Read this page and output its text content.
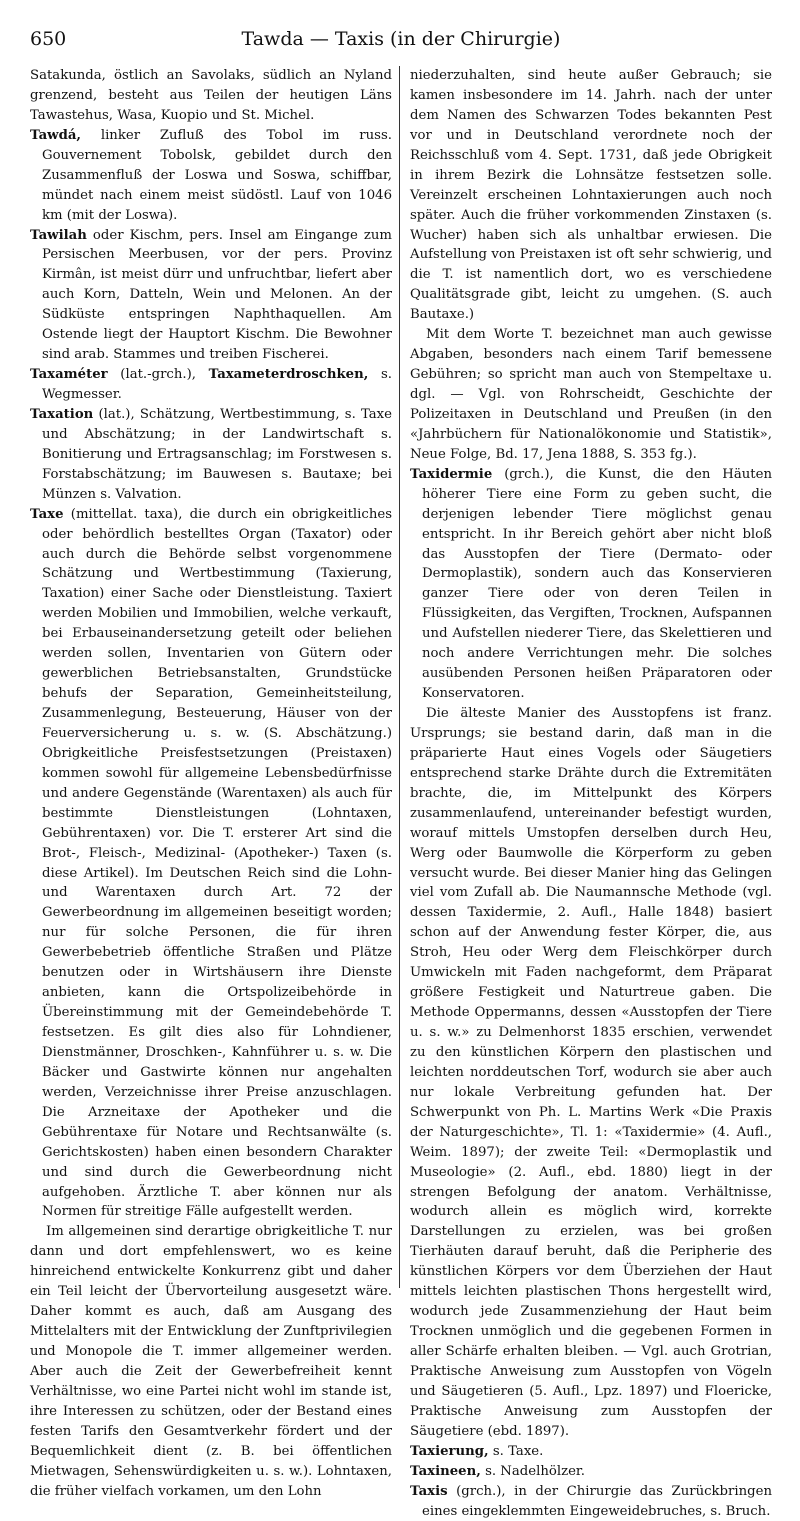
650	Tawda — Taxis (in der Chirurgie)

Satakunda, östlich an Savolaks, südlich an Nyland grenzend, besteht aus Teilen der heutigen Läns Tawastehus, Wasa, Kuopio und St. Michel.

Tawdá, linker Zufluß des Tobol im russ. Gouvernement Tobolsk, gebildet durch den Zusammenfluß der Loswa und Soswa, schiffbar, mündet nach einem meist südöstl. Lauf von 1046 km (mit der Loswa).

Tawilah oder Kischm, pers. Insel am Eingange zum Persischen Meerbusen, vor der pers. Provinz Kirmân, ist meist dürr und unfruchtbar, liefert aber auch Korn, Datteln, Wein und Melonen. An der Südküste entspringen Naphthaquellen. Am Ostende liegt der Hauptort Kischm. Die Bewohner sind arab. Stammes und treiben Fischerei.

Taxaméter (lat.-grch.), Taxameterdroschken, s. Wegmesser.

Taxation (lat.), Schätzung, Wertbestimmung, s. Taxe und Abschätzung; in der Landwirtschaft s. Bonitierung und Ertragsanschlag; im Forstwesen s. Forstabschätzung; im Bauwesen s. Bautaxe; bei Münzen s. Valvation.

Taxe (mittellat. taxa), die durch ein obrigkeitliches oder behördlich bestelltes Organ (Taxator) oder auch durch die Behörde selbst vorgenommene Schätzung und Wertbestimmung (Taxierung, Taxation) einer Sache oder Dienstleistung. Taxiert werden Mobilien und Immobilien, welche verkauft, bei Erbauseinandersetzung geteilt oder beliehen werden sollen, Inventarien von Gütern oder gewerblichen Betriebsanstalten, Grundstücke behufs der Separation, Gemeinheitsteilung, Zusammenlegung, Besteuerung, Häuser von der Feuerversicherung u. s. w. (S. Abschätzung.) Obrigkeitliche Preisfestsetzungen (Preistaxen) kommen sowohl für allgemeine Lebensbedürfnisse und andere Gegenstände (Warentaxen) als auch für bestimmte Dienstleistungen (Lohntaxen, Gebührentaxen) vor. Die T. ersterer Art sind die Brot-, Fleisch-, Medizinal- (Apotheker-) Taxen (s. diese Artikel). Im Deutschen Reich sind die Lohn- und Warentaxen durch Art. 72 der Gewerbeordnung im allgemeinen beseitigt worden; nur für solche Personen, die für ihren Gewerbebetrieb öffentliche Straßen und Plätze benutzen oder in Wirtshäusern ihre Dienste anbieten, kann die Ortspolizeibehörde in Übereinstimmung mit der Gemeindebehörde T. festsetzen. Es gilt dies also für Lohndiener, Dienstmänner, Droschken-, Kahnführer u. s. w. Die Bäcker und Gastwirte können nur angehalten werden, Verzeichnisse ihrer Preise anzuschlagen. Die Arzneitaxe der Apotheker und die Gebührentaxe für Notare und Rechtsanwälte (s. Gerichtskosten) haben einen besondern Charakter und sind durch die Gewerbeordnung nicht aufgehoben. Ärztliche T. aber können nur als Normen für streitige Fälle aufgestellt werden.

Im allgemeinen sind derartige obrigkeitliche T. nur dann und dort empfehlenswert, wo es keine hinreichend entwickelte Konkurrenz gibt und daher ein Teil leicht der Übervorteilung ausgesetzt wäre. Daher kommt es auch, daß am Ausgang des Mittelalters mit der Entwicklung der Zunftprivilegien und Monopole die T. immer allgemeiner werden. Aber auch die Zeit der Gewerbefreiheit kennt Verhältnisse, wo eine Partei nicht wohl im stande ist, ihre Interessen zu schützen, oder der Bestand eines festen Tarifs den Gesamtverkehr fördert und der Bequemlichkeit dient (z. B. bei öffentlichen Mietwagen, Sehenswürdigkeiten u. s. w.). Lohntaxen, die früher vielfach vorkamen, um den Lohn

niederzuhalten, sind heute außer Gebrauch; sie kamen insbesondere im 14. Jahrh. nach der unter dem Namen des Schwarzen Todes bekannten Pest vor und in Deutschland verordnete noch der Reichsschluß vom 4. Sept. 1731, daß jede Obrigkeit in ihrem Bezirk die Lohnsätze festsetzen solle. Vereinzelt erscheinen Lohntaxierungen auch noch später. Auch die früher vorkommenden Zinstaxen (s. Wucher) haben sich als unhaltbar erwiesen. Die Aufstellung von Preistaxen ist oft sehr schwierig, und die T. ist namentlich dort, wo es verschiedene Qualitätsgrade gibt, leicht zu umgehen. (S. auch Bautaxe.)

Mit dem Worte T. bezeichnet man auch gewisse Abgaben, besonders nach einem Tarif bemessene Gebühren; so spricht man auch von Stempeltaxe u. dgl. — Vgl. von Rohrscheidt, Geschichte der Polizeitaxen in Deutschland und Preußen (in den «Jahrbüchern für Nationalökonomie und Statistik», Neue Folge, Bd. 17, Jena 1888, S. 353 fg.).

Taxidermie (grch.), die Kunst, die den Häuten höherer Tiere eine Form zu geben sucht, die derjenigen lebender Tiere möglichst genau entspricht. In ihr Bereich gehört aber nicht bloß das Ausstopfen der Tiere (Dermato- oder Dermoplastik), sondern auch das Konservieren ganzer Tiere oder von deren Teilen in Flüssigkeiten, das Vergiften, Trocknen, Aufspannen und Aufstellen niederer Tiere, das Skelettieren und noch andere Verrichtungen mehr. Die solches ausübenden Personen heißen Präparatoren oder Konservatoren.

Die älteste Manier des Ausstopfens ist franz. Ursprungs; sie bestand darin, daß man in die präparierte Haut eines Vogels oder Säugetiers entsprechend starke Drähte durch die Extremitäten brachte, die, im Mittelpunkt des Körpers zusammenlaufend, untereinander befestigt wurden, worauf mittels Umstopfen derselben durch Heu, Werg oder Baumwolle die Körperform zu geben versucht wurde. Bei dieser Manier hing das Gelingen viel vom Zufall ab. Die Naumannsche Methode (vgl. dessen Taxidermie, 2. Aufl., Halle 1848) basiert schon auf der Anwendung fester Körper, die, aus Stroh, Heu oder Werg dem Fleischkörper durch Umwickeln mit Faden nachgeformt, dem Präparat größere Festigkeit und Naturtreue gaben. Die Methode Oppermanns, dessen «Ausstopfen der Tiere u. s. w.» zu Delmenhorst 1835 erschien, verwendet zu den künstlichen Körpern den plastischen und leichten norddeutschen Torf, wodurch sie aber auch nur lokale Verbreitung gefunden hat. Der Schwerpunkt von Ph. L. Martins Werk «Die Praxis der Naturgeschichte», Tl. 1: «Taxidermie» (4. Aufl., Weim. 1897); der zweite Teil: «Dermoplastik und Museologie» (2. Aufl., ebd. 1880) liegt in der strengen Befolgung der anatom. Verhältnisse, wodurch allein es möglich wird, korrekte Darstellungen zu erzielen, was bei großen Tierhäuten darauf beruht, daß die Peripherie des künstlichen Körpers vor dem Überziehen der Haut mittels leichten plastischen Thons hergestellt wird, wodurch jede Zusammenziehung der Haut beim Trocknen unmöglich und die gegebenen Formen in aller Schärfe erhalten bleiben. — Vgl. auch Grotrian, Praktische Anweisung zum Ausstopfen von Vögeln und Säugetieren (5. Aufl., Lpz. 1897) und Floericke, Praktische Anweisung zum Ausstopfen der Säugetiere (ebd. 1897).

Taxierung, s. Taxe.

Taxineen, s. Nadelhölzer.

Taxis (grch.), in der Chirurgie das Zurückbringen eines eingeklemmten Eingeweidebruches, s. Bruch.
